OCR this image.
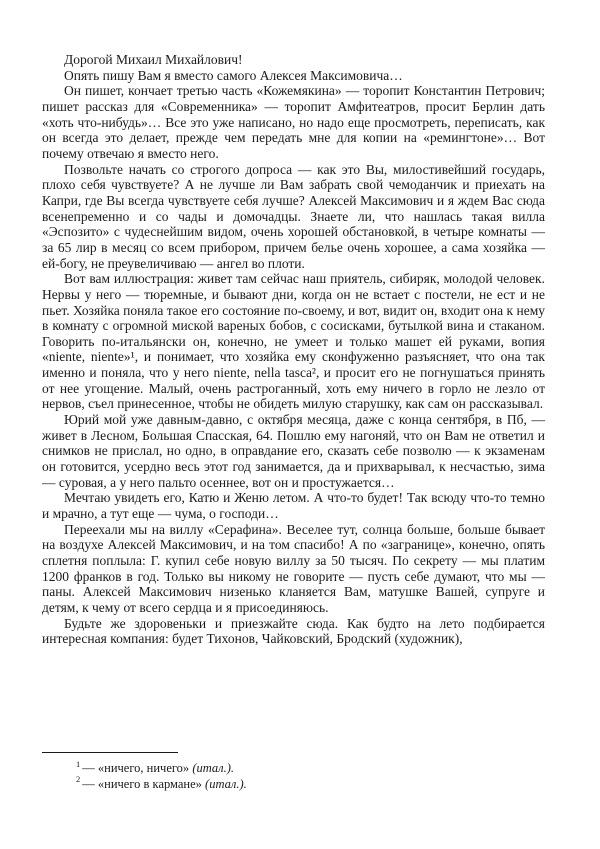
Дорогой Михаил Михайлович!

Опять пишу Вам я вместо самого Алексея Максимовича…

Он пишет, кончает третью часть «Кожемякина» — торопит Константин Петрович; пишет рассказ для «Современника» — торопит Амфитеатров, просит Берлин дать «хоть что-нибудь»… Все это уже написано, но надо еще просмотреть, переписать, как он всегда это делает, прежде чем передать мне для копии на «ремингтоне»… Вот почему отвечаю я вместо него.

Позвольте начать со строгого допроса — как это Вы, милостивейший государь, плохо себя чувствуете? А не лучше ли Вам забрать свой чемоданчик и приехать на Капри, где Вы всегда чувствуете себя лучше? Алексей Максимович и я ждем Вас сюда всенепременно и со чады и домочадцы. Знаете ли, что нашлась такая вилла «Эспозито» с чудеснейшим видом, очень хорошей обстановкой, в четыре комнаты — за 65 лир в месяц со всем прибором, причем белье очень хорошее, а сама хозяйка — ей-богу, не преувеличиваю — ангел во плоти.

Вот вам иллюстрация: живет там сейчас наш приятель, сибиряк, молодой человек. Нервы у него — тюремные, и бывают дни, когда он не встает с постели, не ест и не пьет. Хозяйка поняла такое его состояние по-своему, и вот, видит он, входит она к нему в комнату с огромной миской вареных бобов, с сосисками, бутылкой вина и стаканом. Говорить по-итальянски он, конечно, не умеет и только машет ей руками, вопия «niente, niente»¹, и понимает, что хозяйка ему сконфуженно разъясняет, что она так именно и поняла, что у него niente, nella tasca², и просит его не погнушаться принять от нее угощение. Малый, очень растроганный, хоть ему ничего в горло не лезло от нервов, съел принесенное, чтобы не обидеть милую старушку, как сам он рассказывал.

Юрий мой уже давным-давно, с октября месяца, даже с конца сентября, в Пб, — живет в Лесном, Большая Спасская, 64. Пошлю ему нагоняй, что он Вам не ответил и снимков не прислал, но одно, в оправдание его, сказать себе позволю — к экзаменам он готовится, усердно весь этот год занимается, да и прихварывал, к несчастью, зима — суровая, а у него пальто осеннее, вот он и простужается…

Мечтаю увидеть его, Катю и Женю летом. А что-то будет! Так всюду что-то темно и мрачно, а тут еще — чума, о господи…

Переехали мы на виллу «Серафина». Веселее тут, солнца больше, больше бывает на воздухе Алексей Максимович, и на том спасибо! А по «загранице», конечно, опять сплетня поплыла: Г. купил себе новую виллу за 50 тысяч. По секрету — мы платим 1200 франков в год. Только вы никому не говорите — пусть себе думают, что мы — паны. Алексей Максимович низенько кланяется Вам, матушке Вашей, супруге и детям, к чему от всего сердца и я присоединяюсь.

Будьте же здоровеньки и приезжайте сюда. Как будто на лето подбирается интересная компания: будет Тихонов, Чайковский, Бродский (художник),

$^1$ — «ничего, ничего» (итал.).

$^2$ — «ничего в кармане» (итал.).
